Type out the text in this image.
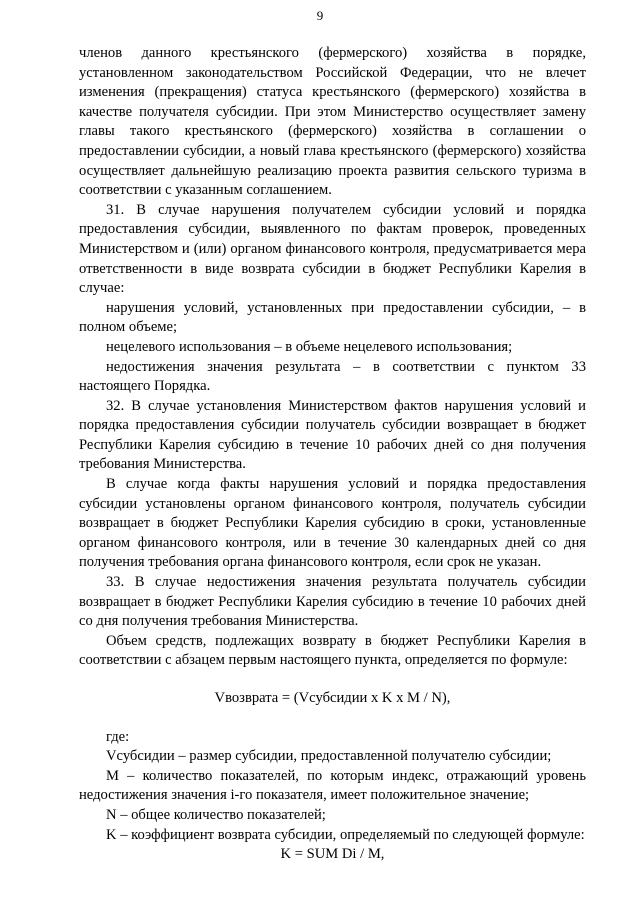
9

членов данного крестьянского (фермерского) хозяйства в порядке, установленном законодательством Российской Федерации, что не влечет изменения (прекращения) статуса крестьянского (фермерского) хозяйства в качестве получателя субсидии. При этом Министерство осуществляет замену главы такого крестьянского (фермерского) хозяйства в соглашении о предоставлении субсидии, а новый глава крестьянского (фермерского) хозяйства осуществляет дальнейшую реализацию проекта развития сельского туризма в соответствии с указанным соглашением.

31. В случае нарушения получателем субсидии условий и порядка предоставления субсидии, выявленного по фактам проверок, проведенных Министерством и (или) органом финансового контроля, предусматривается мера ответственности в виде возврата субсидии в бюджет Республики Карелия в случае:

нарушения условий, установленных при предоставлении субсидии, – в полном объеме;

нецелевого использования – в объеме нецелевого использования;

недостижения значения результата – в соответствии с пунктом 33 настоящего Порядка.

32. В случае установления Министерством фактов нарушения условий и порядка предоставления субсидии получатель субсидии возвращает в бюджет Республики Карелия субсидию в течение 10 рабочих дней со дня получения требования Министерства.

В случае когда факты нарушения условий и порядка предоставления субсидии установлены органом финансового контроля, получатель субсидии возвращает в бюджет Республики Карелия субсидию в сроки, установленные органом финансового контроля, или в течение 30 календарных дней со дня получения требования органа финансового контроля, если срок не указан.

33. В случае недостижения значения результата получатель субсидии возвращает в бюджет Республики Карелия субсидию в течение 10 рабочих дней со дня получения требования Министерства.

Объем средств, подлежащих возврату в бюджет Республики Карелия в соответствии с абзацем первым настоящего пункта, определяется по формуле:

Vвозврата = (Vсубсидии x K x M / N),

где:

Vсубсидии – размер субсидии, предоставленной получателю субсидии;

M – количество показателей, по которым индекс, отражающий уровень недостижения значения i-го показателя, имеет положительное значение;

N – общее количество показателей;

K – коэффициент возврата субсидии, определяемый по следующей формуле:

K = SUM Di / M,
